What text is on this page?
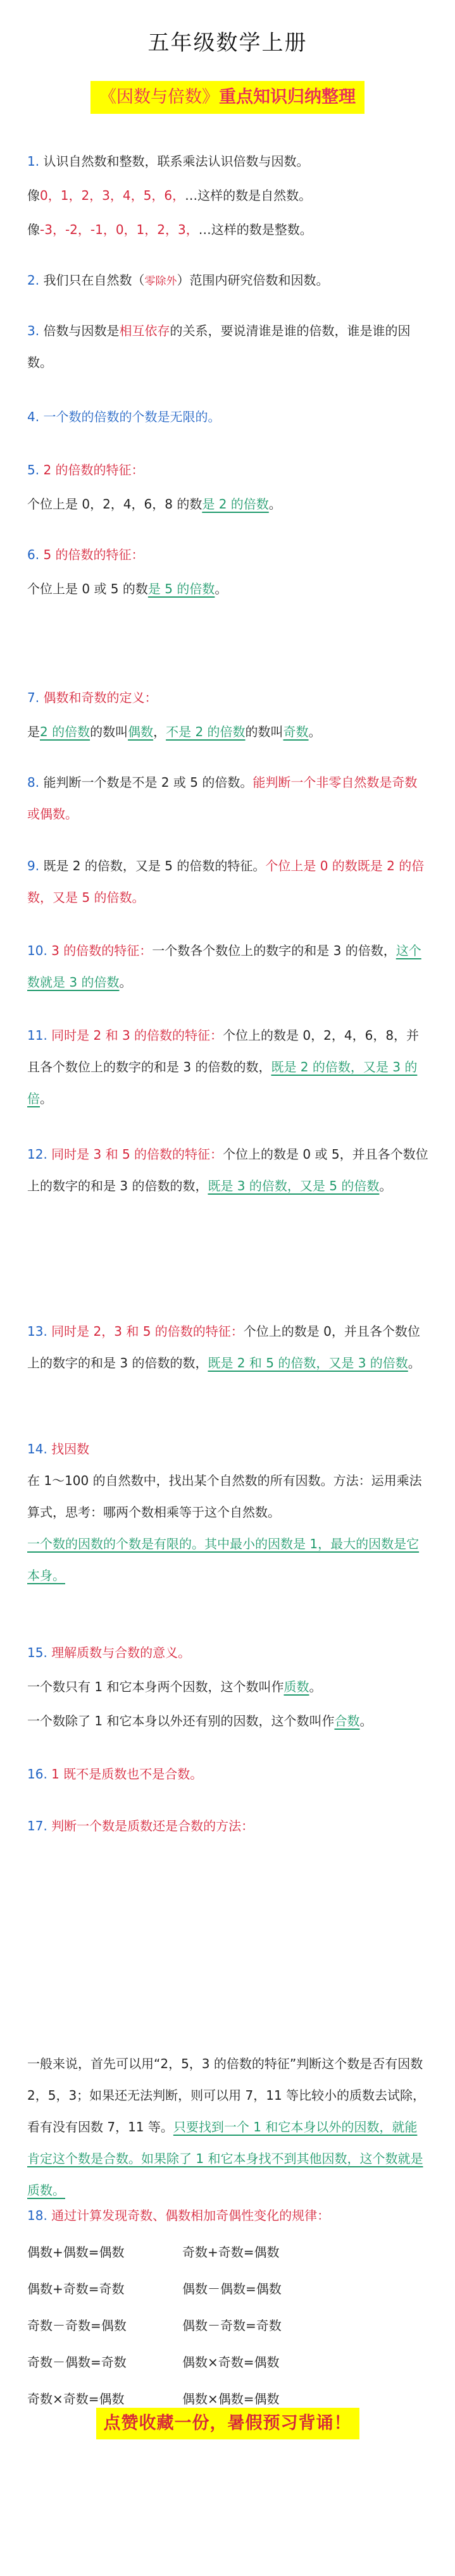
五年级数学上册
《因数与倍数》重点知识归纳整理
1. 认识自然数和整数，联系乘法认识倍数与因数。
像0，1，2，3，4，5，6，…这样的数是自然数。
像-3，-2，-1，0，1，2，3，…这样的数是整数。
2. 我们只在自然数（零除外）范围内研究倍数和因数。
3. 倍数与因数是相互依存的关系，要说清谁是谁的倍数，谁是谁的因数。
4. 一个数的倍数的个数是无限的。
5. 2 的倍数的特征：
个位上是 0，2，4，6，8 的数是 2 的倍数。
6. 5 的倍数的特征：
个位上是 0 或 5 的数是 5 的倍数。
7. 偶数和奇数的定义：
是2 的倍数的数叫偶数，不是 2 的倍数的数叫奇数。
8. 能判断一个数是不是 2 或 5 的倍数。能判断一个非零自然数是奇数或偶数。
9. 既是 2 的倍数，又是 5 的倍数的特征。个位上是 0 的数既是 2 的倍数，又是 5 的倍数。
10. 3 的倍数的特征：一个数各个数位上的数字的和是 3 的倍数，这个数就是 3 的倍数。
11. 同时是 2 和 3 的倍数的特征：个位上的数是 0，2，4，6，8，并且各个数位上的数字的和是 3 的倍数的数，既是 2 的倍数，又是 3 的倍。
12. 同时是 3 和 5 的倍数的特征：个位上的数是 0 或 5，并且各个数位上的数字的和是 3 的倍数的数，既是 3 的倍数，又是 5 的倍数。
13. 同时是 2，3 和 5 的倍数的特征：个位上的数是 0，并且各个数位上的数字的和是 3 的倍数的数，既是 2 和 5 的倍数，又是 3 的倍数。
14. 找因数
在 1～100 的自然数中，找出某个自然数的所有因数。方法：运用乘法算式，思考：哪两个数相乘等于这个自然数。
一个数的因数的个数是有限的。其中最小的因数是 1，最大的因数是它本身。
15. 理解质数与合数的意义。
一个数只有 1 和它本身两个因数，这个数叫作质数。
一个数除了 1 和它本身以外还有别的因数，这个数叫作合数。
16. 1 既不是质数也不是合数。
17. 判断一个数是质数还是合数的方法：
一般来说，首先可以用“2，5，3 的倍数的特征”判断这个数是否有因数 2，5，3；如果还无法判断，则可以用 7，11 等比较小的质数去试除，看有没有因数 7，11 等。只要找到一个 1 和它本身以外的因数，就能肯定这个数是合数。如果除了 1 和它本身找不到其他因数，这个数就是质数。
18. 通过计算发现奇数、偶数相加奇偶性变化的规律：
偶数+偶数=偶数	奇数+奇数=偶数
偶数+奇数=奇数	偶数－偶数=偶数
奇数－奇数=偶数	偶数－奇数=奇数
奇数－偶数=奇数	偶数×奇数=偶数
奇数×奇数=偶数	偶数×偶数=偶数
点赞收藏一份，暑假预习背诵！
